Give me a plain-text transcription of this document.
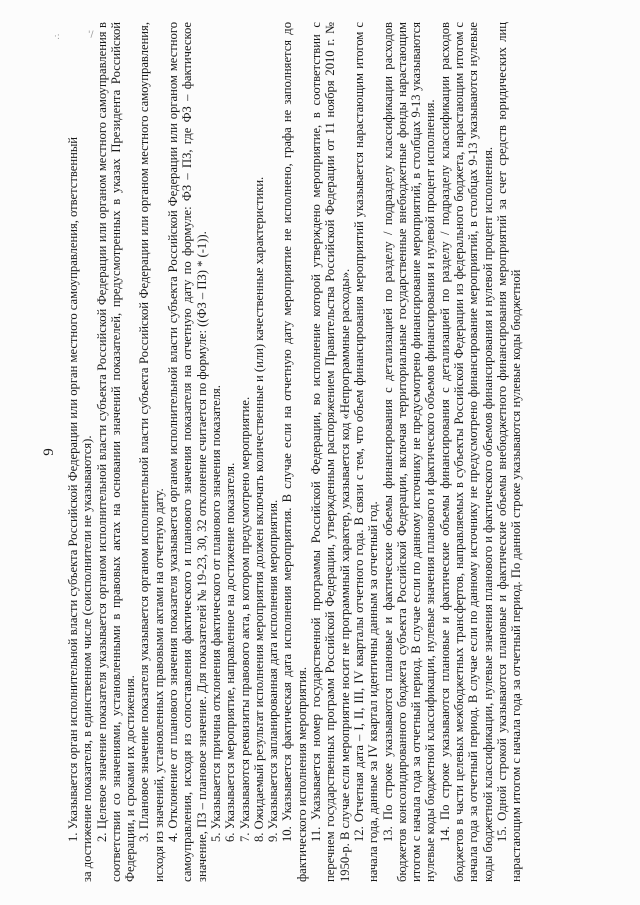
·:	'/
9 1. Указывается орган исполнительной власти субъекта Российской Федерации или орган местного самоуправления, ответственный за достижение показателя, в единственном числе (соисполнители не указываются). 2. Целевое значение показателя указывается органом исполнительной власти субъекта Российской Федерации или органом местного самоуправления в соответствии со значениями, установленными в правовых актах на основании значений показателей, предусмотренных в указах Президента Российской Федерации, и сроками их достижения. 3. Плановое значение показателя указывается органом исполнительной власти субъекта Российской Федерации или органом местного самоуправления, исходя из значений, установленных правовыми актами на отчетную дату. 4. Отклонение от планового значения показателя указывается органом исполнительной власти субъекта Российской Федерации или органом местного самоуправления, исходя из сопоставления фактического и планового значения показателя на отчетную дату по формуле: ФЗ – ПЗ, где ФЗ – фактическое значение, ПЗ – плановое значение. Для показателей № 19-23, 30, 32 отклонение считается по формуле: ((ФЗ – ПЗ) * (-1)). 5. Указывается причина отклонения фактического от планового значения показателя. 6. Указывается мероприятие, направленное на достижение показателя. 7. Указываются реквизиты правового акта, в котором предусмотрено мероприятие. 8. Ожидаемый результат исполнения мероприятия должен включать количественные и (или) качественные характеристики. 9. Указывается запланированная дата исполнения мероприятия. 10. Указывается фактическая дата исполнения мероприятия. В случае если на отчетную дату мероприятие не исполнено, графа не заполняется до фактического исполнения мероприятия. 11. Указывается номер государственной программы Российской Федерации, во исполнение которой утверждено мероприятие, в соответствии с перечнем государственных программ Российской Федерации, утвержденным распоряжением Правительства Российской Федерации от 11 ноября 2010 г. № 1950-р. В случае если мероприятие носит не программный характер, указывается код «Непрограммные расходы». 12. Отчетная дата – I, II, III, IV кварталы отчетного года. В связи с тем, что объем финансирования мероприятий указывается нарастающим итогом с начала года, данные за IV квартал идентичны данным за отчетный год. 13. По строке указываются плановые и фактические объемы финансирования с детализацией по разделу / подразделу классификации расходов бюджетов консолидированного бюджета субъекта Российской Федерации, включая территориальные государственные внебюджетные фонды нарастающим итогом с начала года за отчетный период. В случае если по данному источнику не предусмотрено финансирование мероприятий, в столбцах 9-13 указываются нулевые коды бюджетной классификации, нулевые значения планового и фактического объемов финансирования и нулевой процент исполнения. 14. По строке указываются плановые и фактические объемы финансирования с детализацией по разделу / подразделу классификации расходов бюджетов в части целевых межбюджетных трансфертов, направляемых в субъекты Российской Федерации из федерального бюджета, нарастающим итогом с начала года за отчетный период. В случае если по данному источнику не предусмотрено финансирование мероприятий, в столбцах 9-13 указываются нулевые коды бюджетной классификации, нулевые значения планового и фактического объемов финансирования и нулевой процент исполнения. 15. Одной строкой указываются плановые и фактические объемы внебюджетного финансирования мероприятий за счет средств юридических лиц нарастающим итогом с начала года за отчетный период. По данной строке указываются нулевые коды бюджетной
